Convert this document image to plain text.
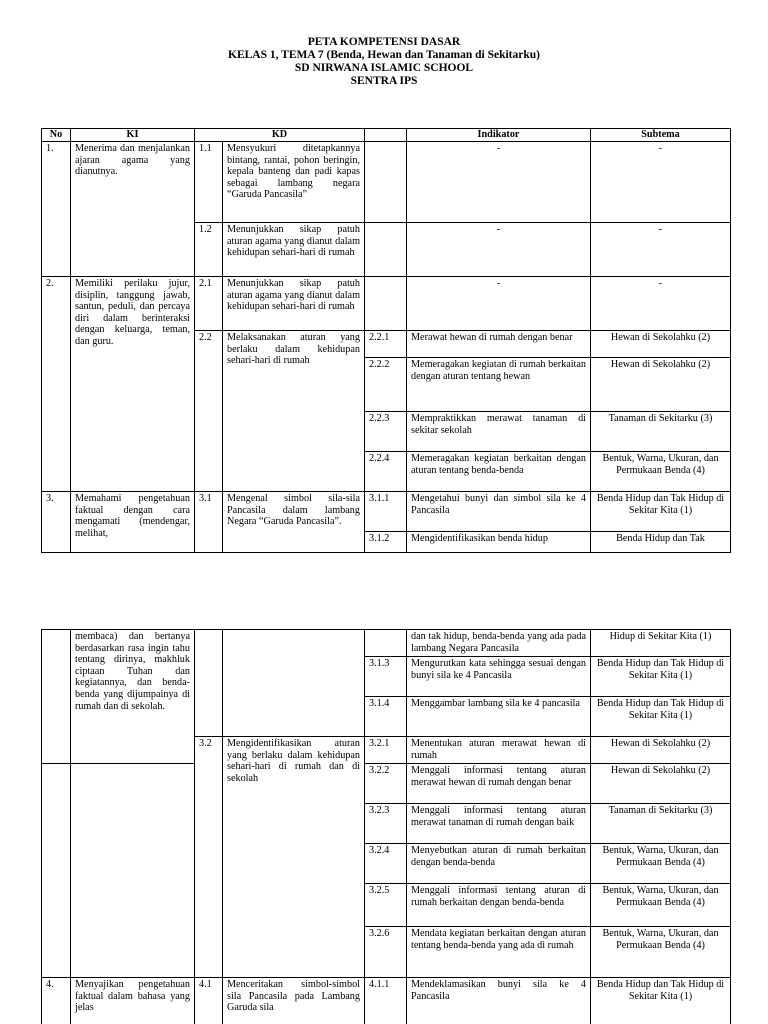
PETA KOMPETENSI DASAR
KELAS 1, TEMA 7 (Benda, Hewan dan Tanaman di Sekitarku)
SD NIRWANA ISLAMIC SCHOOL
SENTRA IPS
No	KI	KD			Indikator	Subtema
1.	Menerima dan menjalankan ajaran agama yang dianutnya.	1.1	Mensyukuri ditetapkannya bintang, rantai, pohon beringin, kepala banteng dan padi kapas sebagai lambang negara “Garuda Pancasila”		-	-
		1.2	Menunjukkan sikap patuh aturan agama yang dianut dalam kehidupan sehari-hari di rumah		-	-
2.	Memiliki perilaku jujur, disiplin, tanggung jawab, santun, peduli, dan percaya diri dalam berinteraksi dengan keluarga, teman, dan guru.	2.1	Menunjukkan sikap patuh aturan agama yang dianut dalam kehidupan sehari-hari di rumah		-	-
		2.2	Melaksanakan aturan yang berlaku dalam kehidupan sehari-hari di rumah	2.2.1	Merawat hewan di rumah dengan benar	Hewan di Sekolahku (2)
				2.2.2	Memeragakan kegiatan di rumah berkaitan dengan aturan tentang hewan	Hewan di Sekolahku (2)
				2.2.3	Mempraktikkan merawat tanaman di sekitar sekolah	Tanaman di Sekitarku (3)
				2.2.4	Memeragakan kegiatan berkaitan dengan aturan tentang benda-benda	Bentuk, Warna, Ukuran, dan Permukaan Benda (4)
3.	Memahami pengetahuan faktual dengan cara mengamati (mendengar, melihat,	3.1	Mengenal simbol sila-sila Pancasila dalam lambang Negara “Garuda Pancasila”.	3.1.1	Mengetahui bunyi dan simbol sila ke 4 Pancasila	Benda Hidup dan Tak Hidup di Sekitar Kita (1)
				3.1.2	Mengidentifikasikan benda hidup	Benda Hidup dan Tak
	membaca) dan bertanya berdasarkan rasa ingin tahu tentang dirinya, makhluk ciptaan Tuhan dan kegiatannya, dan benda-benda yang dijumpainya di rumah dan di sekolah.				dan tak hidup, benda-benda yang ada pada lambang Negara Pancasila	Hidup di Sekitar Kita (1)
				3.1.3	Mengurutkan kata sehingga sesuai dengan bunyi sila ke 4 Pancasila	Benda Hidup dan Tak Hidup di Sekitar Kita (1)
				3.1.4	Menggambar lambang sila ke 4 pancasila	Benda Hidup dan Tak Hidup di Sekitar Kita (1)
		3.2	Mengidentifikasikan aturan yang berlaku dalam kehidupan sehari-hari di rumah dan di sekolah	3.2.1	Menentukan aturan merawat hewan di rumah	Hewan di Sekolahku (2)
				3.2.2	Menggali informasi tentang aturan merawat hewan di rumah dengan benar	Hewan di Sekolahku (2)
				3.2.3	Menggali informasi tentang aturan merawat tanaman di rumah dengan baik	Tanaman di Sekitarku (3)
				3.2.4	Menyebutkan aturan di rumah berkaitan dengan benda-benda	Bentuk, Warna, Ukuran, dan Permukaan Benda (4)
				3.2.5	Menggali informasi tentang aturan di rumah berkaitan dengan benda-benda	Bentuk, Warna, Ukuran, dan Permukaan Benda (4)
				3.2.6	Mendata kegiatan berkaitan dengan aturan tentang benda-benda yang ada di rumah	Bentuk, Warna, Ukuran, dan Permukaan Benda (4)
4.	Menyajikan pengetahuan faktual dalam bahasa yang jelas	4.1	Menceritakan simbol-simbol sila Pancasila pada Lambang Garuda sila	4.1.1	Mendeklamasikan bunyi sila ke 4 Pancasila	Benda Hidup dan Tak Hidup di Sekitar Kita (1)
